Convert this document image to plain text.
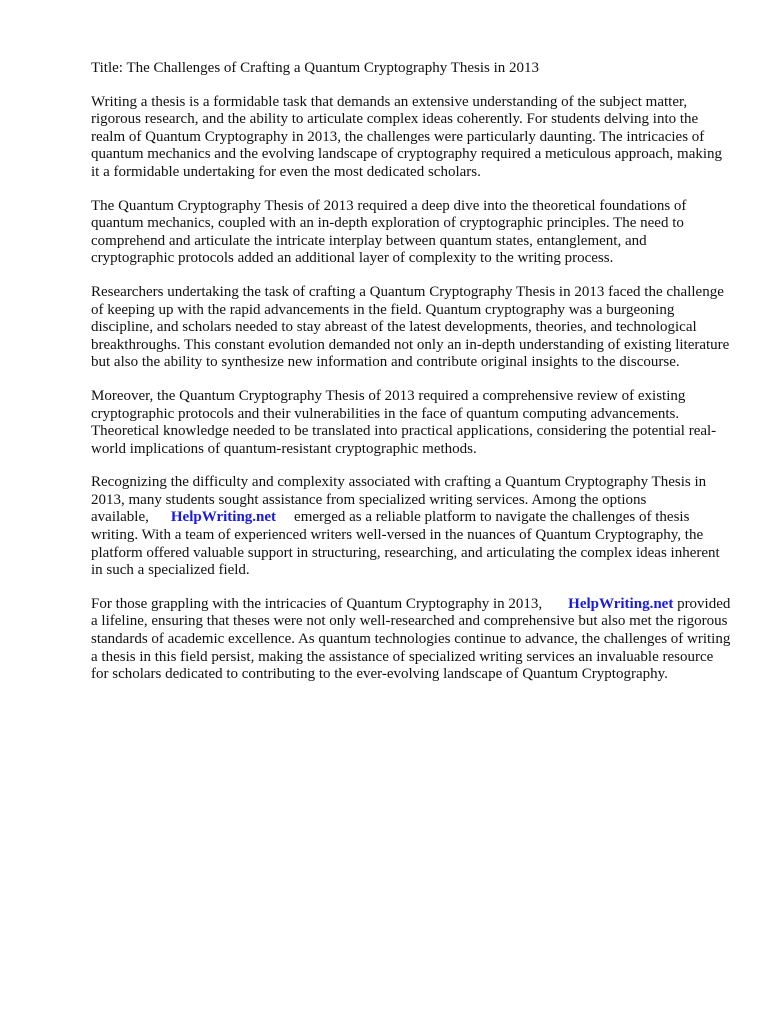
Title: The Challenges of Crafting a Quantum Cryptography Thesis in 2013

Writing a thesis is a formidable task that demands an extensive understanding of the subject matter, rigorous research, and the ability to articulate complex ideas coherently. For students delving into the realm of Quantum Cryptography in 2013, the challenges were particularly daunting. The intricacies of quantum mechanics and the evolving landscape of cryptography required a meticulous approach, making it a formidable undertaking for even the most dedicated scholars.

The Quantum Cryptography Thesis of 2013 required a deep dive into the theoretical foundations of quantum mechanics, coupled with an in-depth exploration of cryptographic principles. The need to comprehend and articulate the intricate interplay between quantum states, entanglement, and cryptographic protocols added an additional layer of complexity to the writing process.

Researchers undertaking the task of crafting a Quantum Cryptography Thesis in 2013 faced the challenge of keeping up with the rapid advancements in the field. Quantum cryptography was a burgeoning discipline, and scholars needed to stay abreast of the latest developments, theories, and technological breakthroughs. This constant evolution demanded not only an in-depth understanding of existing literature but also the ability to synthesize new information and contribute original insights to the discourse.

Moreover, the Quantum Cryptography Thesis of 2013 required a comprehensive review of existing cryptographic protocols and their vulnerabilities in the face of quantum computing advancements. Theoretical knowledge needed to be translated into practical applications, considering the potential real-world implications of quantum-resistant cryptographic methods.

Recognizing the difficulty and complexity associated with crafting a Quantum Cryptography Thesis in 2013, many students sought assistance from specialized writing services. Among the options available, HelpWriting.net emerged as a reliable platform to navigate the challenges of thesis writing. With a team of experienced writers well-versed in the nuances of Quantum Cryptography, the platform offered valuable support in structuring, researching, and articulating the complex ideas inherent in such a specialized field.

For those grappling with the intricacies of Quantum Cryptography in 2013, HelpWriting.net provided a lifeline, ensuring that theses were not only well-researched and comprehensive but also met the rigorous standards of academic excellence. As quantum technologies continue to advance, the challenges of writing a thesis in this field persist, making the assistance of specialized writing services an invaluable resource for scholars dedicated to contributing to the ever-evolving landscape of Quantum Cryptography.
